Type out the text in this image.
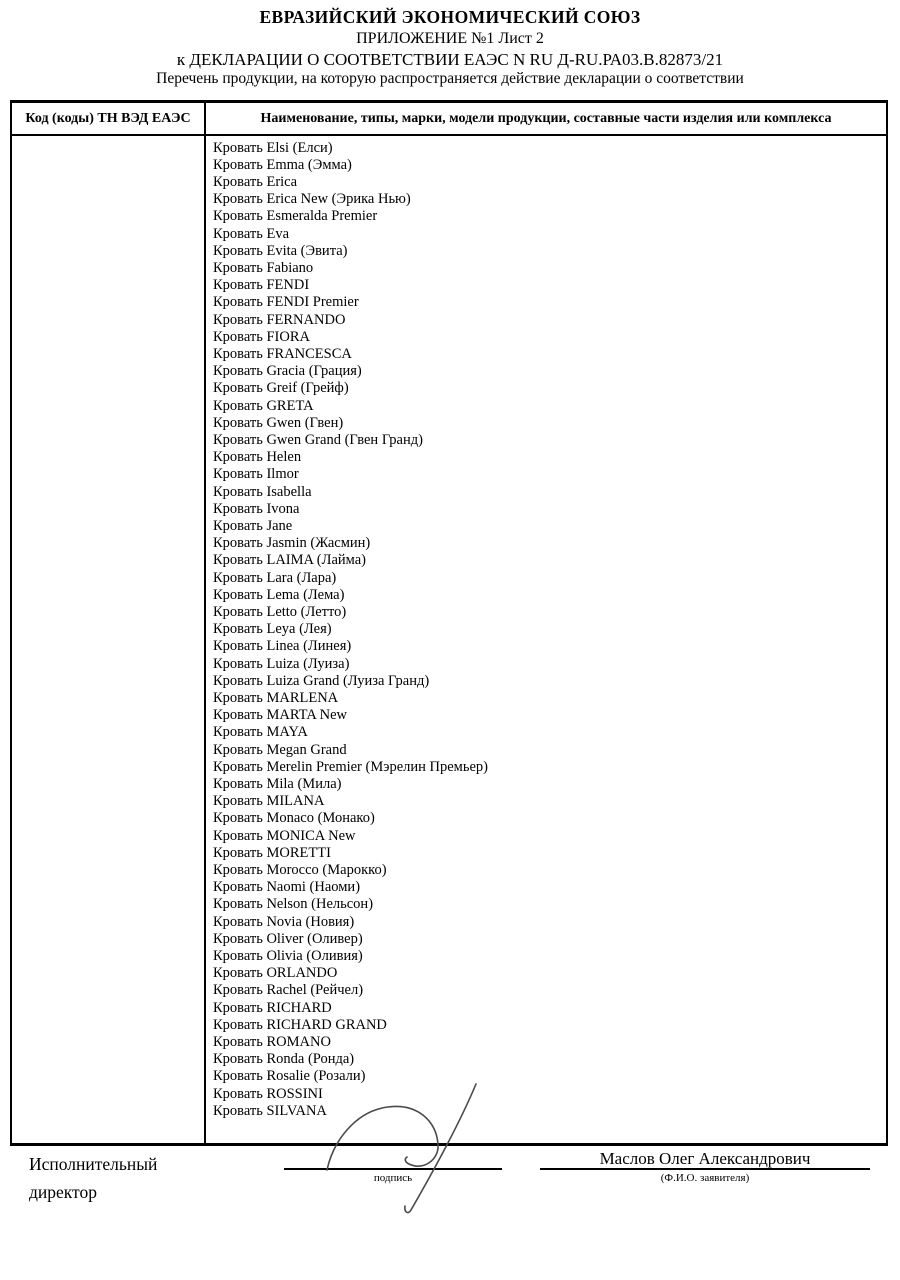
ЕВРАЗИЙСКИЙ ЭКОНОМИЧЕСКИЙ СОЮЗ
ПРИЛОЖЕНИЕ №1 Лист 2
к ДЕКЛАРАЦИИ О СООТВЕТСТВИИ ЕАЭС N RU Д-RU.РА03.В.82873/21
Перечень продукции, на которую распространяется действие декларации о соответствии
Код (коды) ТН ВЭД ЕАЭС	Наименование, типы, марки, модели продукции, составные части изделия или комплекса

Кровать Elsi (Елси)
Кровать Emma (Эмма)
Кровать Erica
Кровать Erica New (Эрика Нью)
Кровать Esmeralda Premier
Кровать Eva
Кровать Evita (Эвита)
Кровать Fabiano
Кровать FENDI
Кровать FENDI Premier
Кровать FERNANDO
Кровать FIORA
Кровать FRANCESCA
Кровать Gracia (Грация)
Кровать Greif (Грейф)
Кровать GRETA
Кровать Gwen (Гвен)
Кровать Gwen Grand (Гвен Гранд)
Кровать Helen
Кровать Ilmor
Кровать Isabella
Кровать Ivona
Кровать Jane
Кровать Jasmin (Жасмин)
Кровать LAIMA (Лайма)
Кровать Lara (Лара)
Кровать Lema (Лема)
Кровать Letto (Летто)
Кровать Leya (Лея)
Кровать Linea (Линея)
Кровать Luiza (Луиза)
Кровать Luiza Grand (Луиза Гранд)
Кровать MARLENA
Кровать MARTA New
Кровать MAYA
Кровать Megan Grand
Кровать Merelin Premier (Мэрелин Премьер)
Кровать Mila (Мила)
Кровать MILANA
Кровать Monaco (Монако)
Кровать MONICA New
Кровать MORETTI
Кровать Morocco (Марокко)
Кровать Naomi (Наоми)
Кровать Nelson (Нельсон)
Кровать Novia (Новия)
Кровать Oliver (Оливер)
Кровать Olivia (Оливия)
Кровать ORLANDO
Кровать Rachel (Рейчел)
Кровать RICHARD
Кровать RICHARD GRAND
Кровать ROMANO
Кровать Ronda (Ронда)
Кровать Rosalie (Розали)
Кровать ROSSINI
Кровать SILVANA
Исполнительный
директор
подпись
Маслов Олег Александрович
(Ф.И.О. заявителя)
